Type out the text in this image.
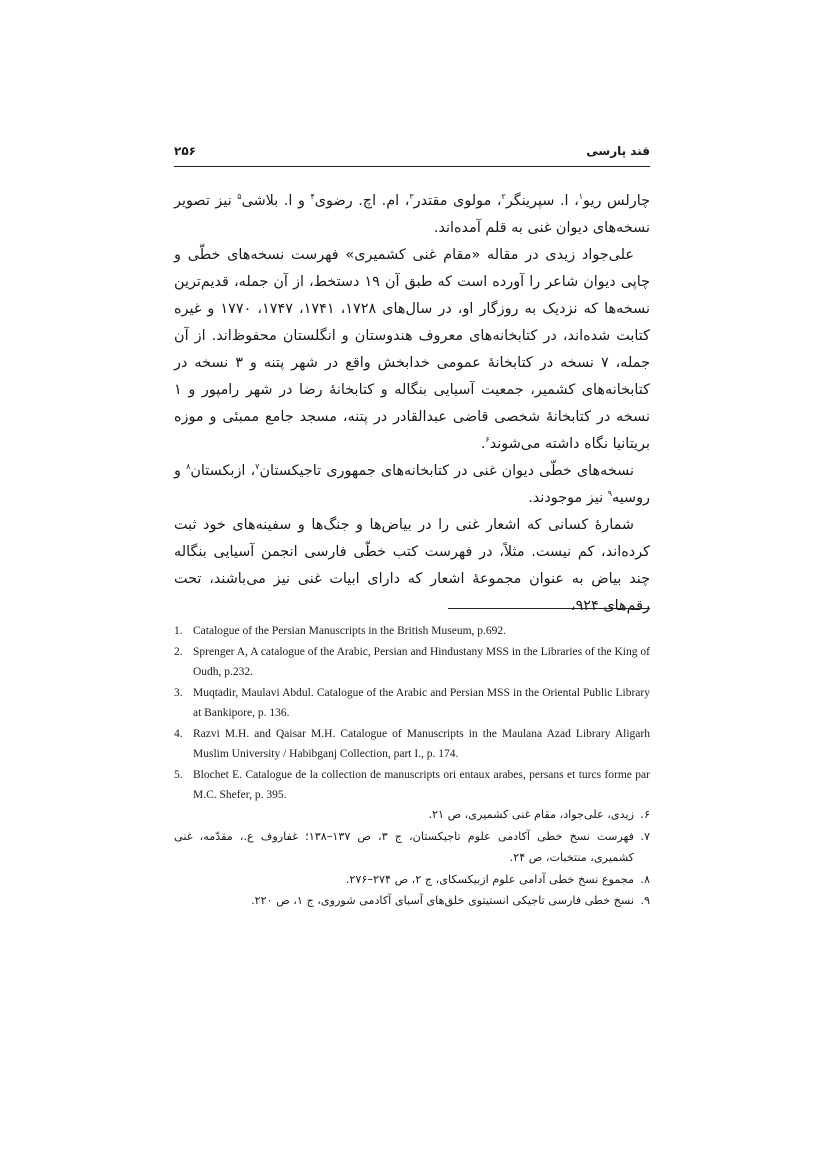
قند پارسی
۲۵۶

چارلس ریو$^۱$، ا. سپرینگر$^۲$، مولوی مقتدر$^۳$، ام. اچ. رضوی$^۴$ و ا. بلاشی$^۵$ نیز تصویر نسخه‌های دیوان غنی به قلم آمده‌اند.

علی‌جواد زیدی در مقاله «مقام غنی کشمیری» فهرست نسخه‌های خطّی و چاپی دیوان شاعر را آورده است که طبق آن ۱۹ دستخط، از آن جمله، قدیم‌ترین نسخه‌ها که نزدیک به روزگار او، در سال‌های ۱۷۲۸، ۱۷۴۱، ۱۷۴۷، ۱۷۷۰ و غیره کتابت شده‌اند، در کتابخانه‌های معروف هندوستان و انگلستان محفوظ‌اند. از آن جمله، ۷ نسخه در کتابخانهٔ عمومی خدابخش واقع در شهر پتنه و ۳ نسخه در کتابخانه‌های کشمیر، جمعیت آسیایی بنگاله و کتابخانهٔ رضا در شهر رامپور و ۱ نسخه در کتابخانهٔ شخصی قاضی عبدالقادر در پتنه، مسجد جامع ممبئی و موزه بریتانیا نگاه داشته می‌شوند$^۶$.

نسخه‌های خطّی دیوان غنی در کتابخانه‌های جمهوری تاجیکستان$^۷$، ازبکستان$^۸$ و روسیه$^۹$ نیز موجودند.

شمارهٔ کسانی که اشعار غنی را در بیاض‌ها و جنگ‌ها و سفینه‌های خود ثبت کرده‌اند، کم نیست. مثلاً، در فهرست کتب خطّی فارسی انجمن آسیایی بنگاله چند بیاض به عنوان مجموعهٔ اشعار که دارای ابیات غنی نیز می‌باشند، تحت رقم‌های ۹۲۴،

1. Catalogue of the Persian Manuscripts in the British Museum, p.692.
2. Sprenger A, A catalogue of the Arabic, Persian and Hindustany MSS in the Libraries of the King of Oudh, p.232.
3. Muqtadir, Maulavi Abdul. Catalogue of the Arabic and Persian MSS in the Oriental Public Library at Bankipore, p. 136.
4. Razvi M.H. and Qaisar M.H. Catalogue of Manuscripts in the Maulana Azad Library Aligarh Muslim University / Habibganj Collection, part I., p. 174.
5. Blochet E. Catalogue de la collection de manuscripts ori entaux arabes, persans et turcs forme par M.C. Shefer, p. 395.
۶.
زیدی، علی‌جواد، مقام غنی کشمیری، ص ۲۱.
۷.
فهرست نسخ خطی آکادمی علوم تاجیکستان، ج ۳، ص ۱۳۷–۱۳۸؛ غفاروف ع.، مقدّمه، غنی کشمیری، منتخبات، ص ۲۴.
۸.
مجموع نسخ خطی آدامی علوم ازبیکسکای، ج ۲، ص ۲۷۴–۲۷۶.
۹.
نسخ خطی فارسی تاجیکی انستیتوی خلق‌های آسیای آکادمی شوروی، ج ۱، ص ۲۲۰.
